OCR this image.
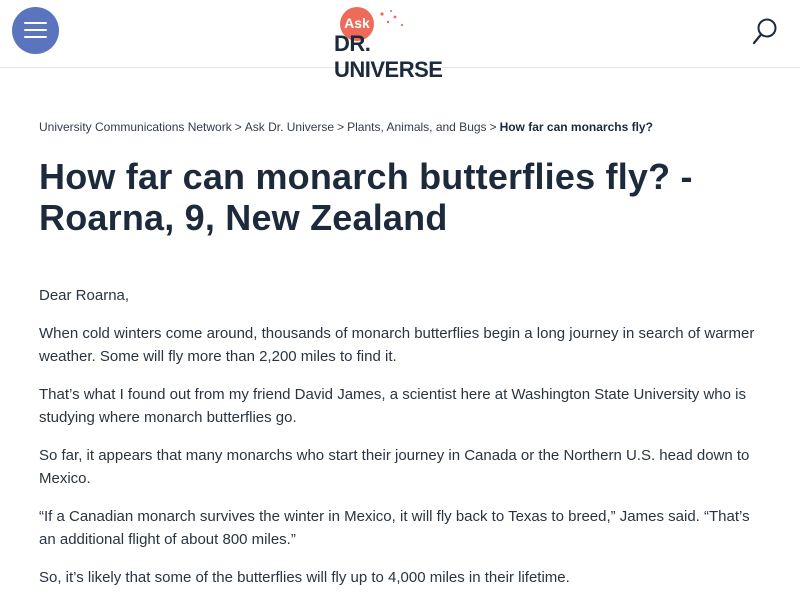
Ask
DR. UNIVERSE
University Communications Network > Ask Dr. Universe > Plants, Animals, and Bugs > How far can monarchs fly?
How far can monarch butterflies fly? -Roarna, 9, New Zealand

Dear Roarna,

When cold winters come around, thousands of monarch butterflies begin a long journey in search of warmer weather. Some will fly more than 2,200 miles to find it.

That’s what I found out from my friend David James, a scientist here at Washington State University who is studying where monarch butterflies go.

So far, it appears that many monarchs who start their journey in Canada or the Northern U.S. head down to Mexico.

“If a Canadian monarch survives the winter in Mexico, it will fly back to Texas to breed,” James said. “That’s an additional flight of about 800 miles.”

So, it’s likely that some of the butterflies will fly up to 4,000 miles in their lifetime.
